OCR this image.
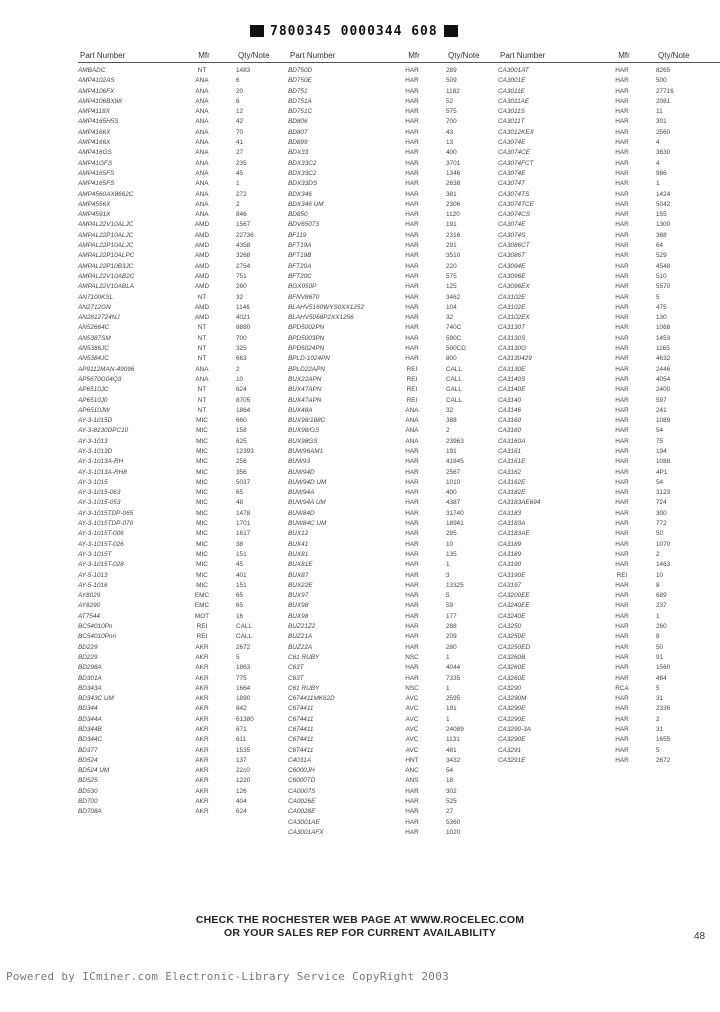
7800345 0000344 608
Part Number	Mfr	Qty/Note
AMBADC	NT	1483
AMP4102AS	ANA	6
AMP4106FX	ANA	20
AMP4106BX88	ANA	6
AMP4118X	ANA	12
AMP4165H5S	ANA	42
AMP4166X	ANA	70
AMP4166X	ANA	41
AMP416GS	ANA	27
AMP41GFS	ANA	235
AMP4165FS	ANA	45
AMP4165FS	ANA	1
AMP4560AX8662C	ANA	272
AMP4556X	ANA	2
AMP4591X	ANA	846
AMPAL22V10ALJC	AMD	1567
AMPAL22P10ALJC	AMD	22736
AMPAL22P10ALJC	AMD	4358
AMPAL22P10ALPC	AMD	3268
AMPAL22P10B3JC	AMD	2754
AMPAL22V10AB2C	AMD	751
AMPAL22V10ABLA	AMD	260
AN7100KSL	NT	32
AN2712GN	AMD	1146
AN2812724NJ	AMD	4021
AN52664C	NT	8880
AN5387SM	NT	700
AN5386JC	NT	325
AN5384JC	NT	663
AP9112MAN-49096	ANA	2
AP5670G04Q3	ANA	10
AP6510JC	NT	624
AP6510J0	NT	8705
AP6510JW	NT	1864
AY-3-1015D	MIC	660
AY-3-8130DPC10	MIC	158
AY-3-1013	MIC	625
AY-3-1013D	MIC	12393
AY-3-1013A-RH	MIC	256
AY-3-1013A-RH8	MIC	356
AY-3-1015	MIC	5037
AY-3-1015-063	MIC	65
AY-3-1015-053	MIC	48
AY-3-1015TDP-065	MIC	1478
AY-3-1015TDP-070	MIC	1701
AY-3-1015T-006	MIC	1617
AY-3-1015T-026	MIC	38
AY-3-1015T	MIC	151
AY-3-1015T-028	MIC	45
AY-5-1013	MIC	401
AY-5-1016	MIC	151
AY8029	EMC	65
AY8290	EMC	65
AT7544	MOT	16
BC54010Pn	REI	CALL
BC54010Pnn	REI	CALL
BD229	AKR	2672
BD229	AKR	5
BD298A	AKR	1863
BD301A	AKR	775
BD343A	AKR	1664
BD343C UM	AKR	1890
BD344	AKR	842
BD344A	AKR	61380
BD344B	AKR	671
BD344C	AKR	611
BD377	AKR	1535
BD524	AKR	137
BD524 UM	AKR	22c0
BD525	AKR	1220
BD530	AKR	126
BD700	AKR	404
BD708A	AKR	624
Part Number	Mfr	Qty/Note
BD750D	HAR	289
BD750E	HAR	509
BD751	HAR	1182
BD751A	HAR	52
BD751C	HAR	575
BD806	HAR	700
BD807	HAR	43
BD899	HAR	13
BDX33	HAR	400
BDX33C2	HAR	3701
BDX33C2	HAR	1346
BDX33DS	HAR	2638
BDX346	HAR	381
BDX346 UM	HAR	2306
BD850	HAR	1120
BDV65073	HAR	191
BF119	HAR	2316
BFT19A	HAR	291
BFT19B	HAR	3510
BFT20A	HAR	220
BFT20C	HAR	575
BGX050P	HAR	125
BFNV8670	HAR	3462
BLAHV5160WYS0XX1252	HAR	104
BLAHV5068P2XX1256	HAR	32
BPD5002PN	HAR	740C
BPD5003PN	HAR	590C
BPD5024PN	HAR	500CD
BPLD-1024PN	HAR	800
BPLD22APN	REI	CALL
BUX22APN	REI	CALL
BUX47APN	REI	CALL
BUX47APN	REI	CALL
BUX48A	ANA	32
BUX98/188C	ANA	388
BUX98/GS	ANA	2
BUX98GS	ANA	23963
BUW96AM1	HAR	191
BUW93	HAR	41845
BUW94D	HAR	2567
BUW94D UM	HAR	1010
BUW94A	HAR	400
BUW94A UM	HAR	4387
BUW84D	HAR	31740
BUW84C UM	HAR	18941
BUX12	HAR	295
BUX41	HAR	10
BUX81	HAR	135
BUX81E	HAR	1
BUX87	HAR	3
BUX22E	HAR	13325
BUX97	HAR	5
BUX98	HAR	59
BUX98	HAR	177
BUZ21Z2	HAR	288
BUZ21A	HAR	209
BUZ22A	HAR	280
C61 RUBY	NSC	1
C63T	HAR	4044
C63T	HAR	7335
C61 RUBY	NSC	1
C674411MK62D	AVC	2595
C674411	AVC	191
C674411	AVC	1
C674411	AVC	24089
C674411	AVC	1131
C674411	AVC	481
C4031A	HNT	3432
C6000JH	ANC	54
C6000TD	ANS	18
CA0007S	HAR	302
CA0026E	HAR	525
CA0028E	HAR	27
CA3001AE	HAR	5360
CA3001AFX	HAR	1020
Part Number	Mfr	Qty/Note
CA3001AT	HAR	8265
CA3001E	HAR	500
CA3011E	HAR	27716
CA3011AE	HAR	2081
CA3011S	HAR	11
CA3011T	HAR	301
CA3012KEX	HAR	2560
CA3074E	HAR	4
CA3074CE	HAR	3630
CA3074FCT	HAR	4
CA3074E	HAR	986
CA3074T	HAR	1
CA3074TS	HAR	1424
CA3074TCE	HAR	5042
CA3074CS	HAR	155
CA3074E	HAR	1300
CA3074S	HAR	368
CA3086CT	HAR	64
CA3086T	HAR	529
CA3094E	HAR	4548
CA3096E	HAR	510
CA3096EX	HAR	5570
CA3102E	HAR	5
CA3102E	HAR	475
CA3102EX	HAR	130
CA3130T	HAR	1068
CA3130S	HAR	1453
CA3130G	HAR	1165
CA3130429	HAR	4632
CA3130E	HAR	2446
CA3140S	HAR	4054
CA3140E	HAR	2400
CA3140	HAR	597
CA3146	HAR	241
CA3160	HAR	1089
CA3160	HAR	54
CA3160A	HAR	75
CA3161	HAR	194
CA3161E	HAR	1088
CA3162	HAR	4P1
CA3162E	HAR	54
CA3182E	HAR	3123
CA3183AE694	HAR	724
CA3183	HAR	300
CA3183A	HAR	772
CA3183AE	HAR	50
CA3189	HAR	1070
CA3189	HAR	2
CA3190	HAR	1463
CA3190E	REI	10
CA3197	HAR	8
CA3200EE	HAR	689
CA3240EE	HAR	237
CA3240E	HAR	1
CA3250	HAR	260
CA3250E	HAR	8
CA3250ED	HAR	50
CA3260B	HAR	91
CA3260E	HAR	1560
CA3260E	HAR	464
CA3290	RCA	5
CA3290M	HAR	31
CA3290E	HAR	2336
CA3290E	HAR	2
CA3290-3A	HAR	31
CA3290E	HAR	1655
CA3291	HAR	5
CA3291E	HAR	2672
CHECK THE ROCHESTER WEB PAGE AT WWW.ROCELEC.COM
OR YOUR SALES REP FOR CURRENT AVAILABILITY	48
Powered by ICminer.com Electronic-Library Service CopyRight 2003
